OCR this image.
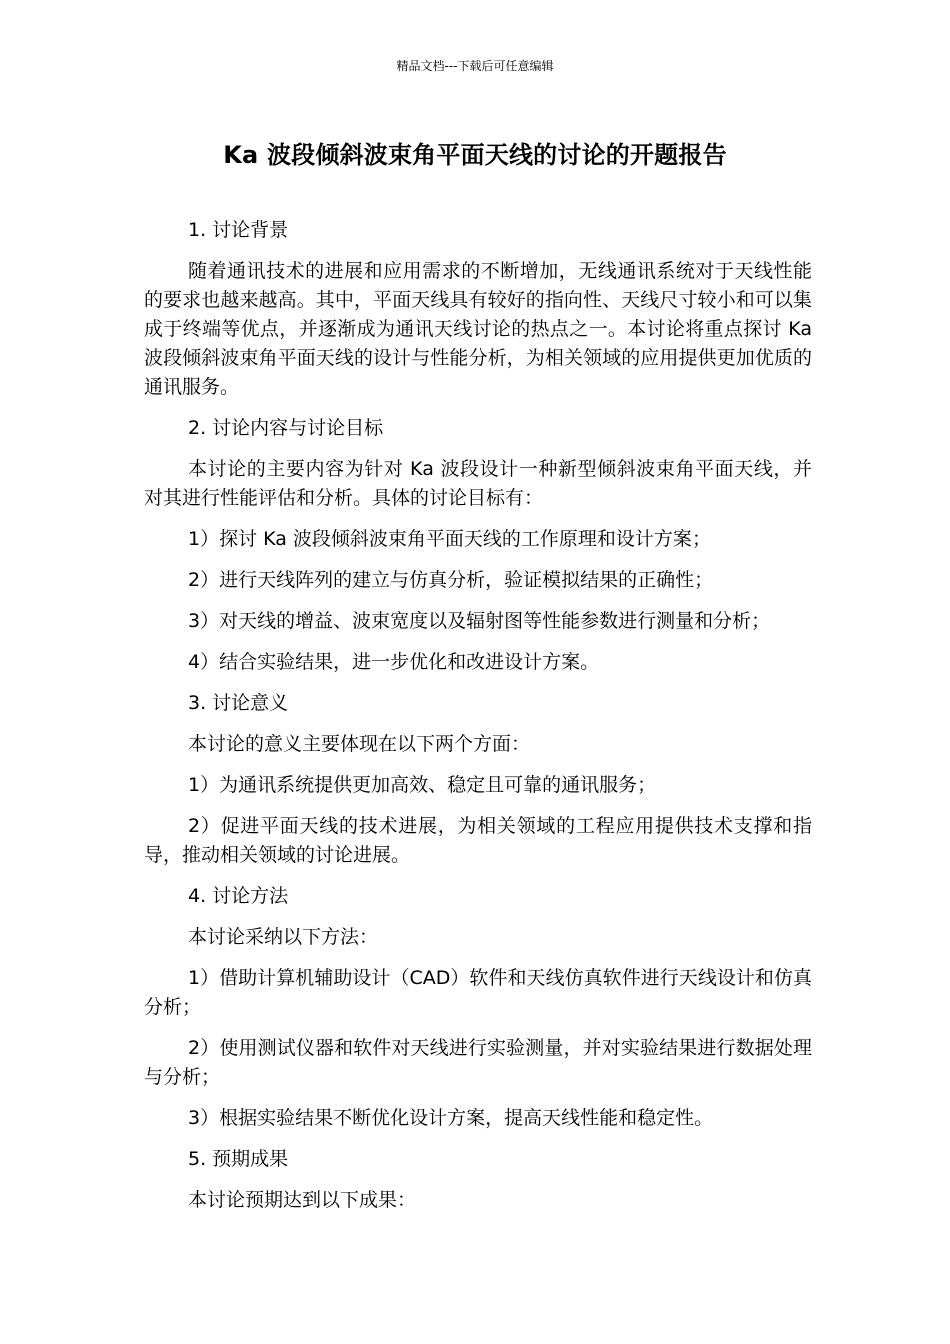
精品文档---下载后可任意编辑
Ka 波段倾斜波束角平面天线的讨论的开题报告

1. 讨论背景

随着通讯技术的进展和应用需求的不断增加，无线通讯系统对于天线性能的要求也越来越高。其中，平面天线具有较好的指向性、天线尺寸较小和可以集成于终端等优点，并逐渐成为通讯天线讨论的热点之一。本讨论将重点探讨 Ka 波段倾斜波束角平面天线的设计与性能分析，为相关领域的应用提供更加优质的通讯服务。

2. 讨论内容与讨论目标

本讨论的主要内容为针对 Ka 波段设计一种新型倾斜波束角平面天线，并对其进行性能评估和分析。具体的讨论目标有：

1）探讨 Ka 波段倾斜波束角平面天线的工作原理和设计方案；

2）进行天线阵列的建立与仿真分析，验证模拟结果的正确性；

3）对天线的增益、波束宽度以及辐射图等性能参数进行测量和分析；

4）结合实验结果，进一步优化和改进设计方案。

3. 讨论意义

本讨论的意义主要体现在以下两个方面：

1）为通讯系统提供更加高效、稳定且可靠的通讯服务；

2）促进平面天线的技术进展，为相关领域的工程应用提供技术支撑和指导，推动相关领域的讨论进展。

4. 讨论方法

本讨论采纳以下方法：

1）借助计算机辅助设计（CAD）软件和天线仿真软件进行天线设计和仿真分析；

2）使用测试仪器和软件对天线进行实验测量，并对实验结果进行数据处理与分析；

3）根据实验结果不断优化设计方案，提高天线性能和稳定性。

5. 预期成果

本讨论预期达到以下成果：
